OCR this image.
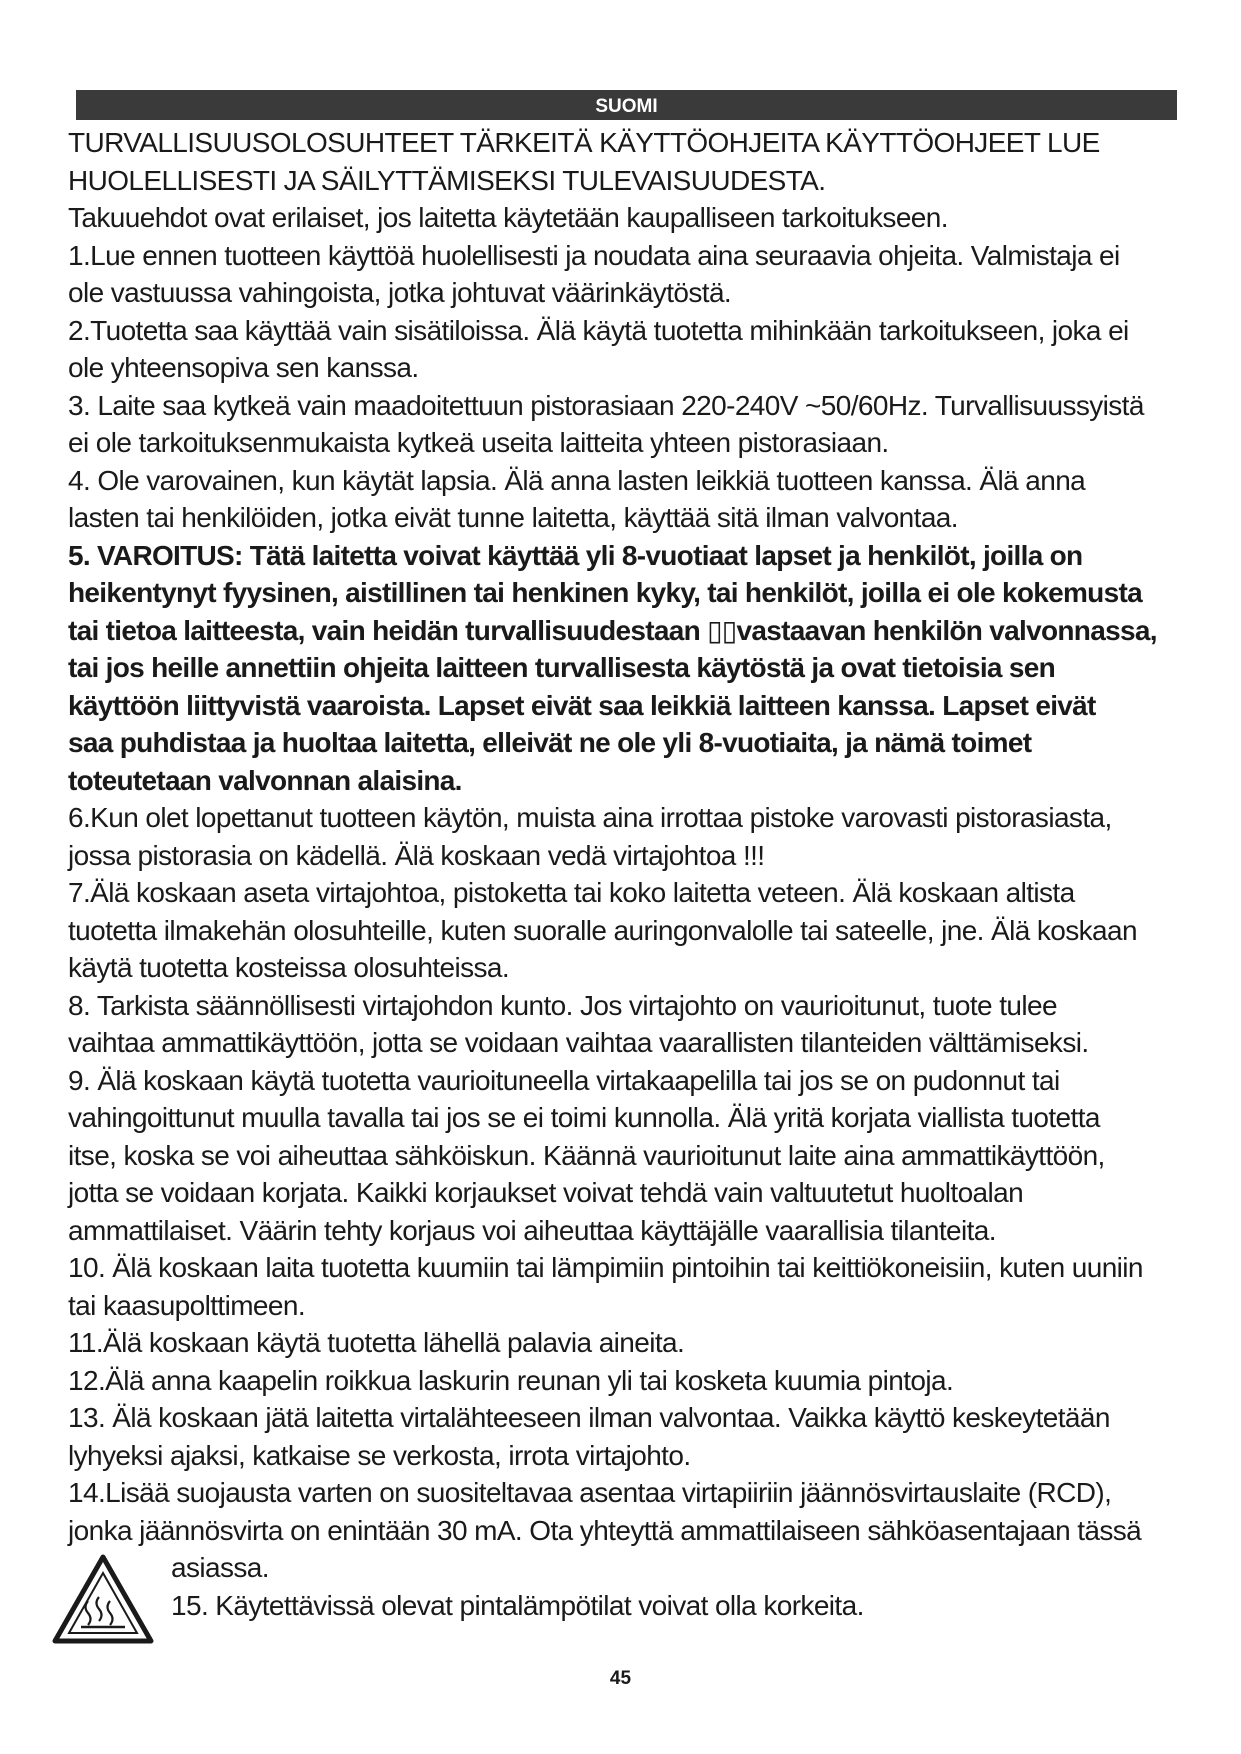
SUOMI

TURVALLISUUSOLOSUHTEET TÄRKEITÄ KÄYTTÖOHJEITA KÄYTTÖOHJEET LUE
HUOLELLISESTI JA SÄILYTTÄMISEKSI TULEVAISUUDESTA.

Takuuehdot ovat erilaiset, jos laitetta käytetään kaupalliseen tarkoitukseen.

1.Lue ennen tuotteen käyttöä huolellisesti ja noudata aina seuraavia ohjeita. Valmistaja ei
ole vastuussa vahingoista, jotka johtuvat väärinkäytöstä.

2.Tuotetta saa käyttää vain sisätiloissa. Älä käytä tuotetta mihinkään tarkoitukseen, joka ei
ole yhteensopiva sen kanssa.

3. Laite saa kytkeä vain maadoitettuun pistorasiaan 220-240V ~50/60Hz. Turvallisuussyistä
ei ole tarkoituksenmukaista kytkeä useita laitteita yhteen pistorasiaan.

4. Ole varovainen, kun käytät lapsia. Älä anna lasten leikkiä tuotteen kanssa. Älä anna
lasten tai henkilöiden, jotka eivät tunne laitetta, käyttää sitä ilman valvontaa.

5. VAROITUS: Tätä laitetta voivat käyttää yli 8-vuotiaat lapset ja henkilöt, joilla on
heikentynyt fyysinen, aistillinen tai henkinen kyky, tai henkilöt, joilla ei ole kokemusta
tai tietoa laitteesta, vain heidän turvallisuudestaan ▯▯vastaavan henkilön valvonnassa,
tai jos heille annettiin ohjeita laitteen turvallisesta käytöstä ja ovat tietoisia sen
käyttöön liittyvistä vaaroista. Lapset eivät saa leikkiä laitteen kanssa. Lapset eivät
saa puhdistaa ja huoltaa laitetta, elleivät ne ole yli 8-vuotiaita, ja nämä toimet
toteutetaan valvonnan alaisina.

6.Kun olet lopettanut tuotteen käytön, muista aina irrottaa pistoke varovasti pistorasiasta,
jossa pistorasia on kädellä. Älä koskaan vedä virtajohtoa !!!

7.Älä koskaan aseta virtajohtoa, pistoketta tai koko laitetta veteen. Älä koskaan altista
tuotetta ilmakehän olosuhteille, kuten suoralle auringonvalolle tai sateelle, jne. Älä koskaan
käytä tuotetta kosteissa olosuhteissa.

8. Tarkista säännöllisesti virtajohdon kunto. Jos virtajohto on vaurioitunut, tuote tulee
vaihtaa ammattikäyttöön, jotta se voidaan vaihtaa vaarallisten tilanteiden välttämiseksi.

9. Älä koskaan käytä tuotetta vaurioituneella virtakaapelilla tai jos se on pudonnut tai
vahingoittunut muulla tavalla tai jos se ei toimi kunnolla. Älä yritä korjata viallista tuotetta
itse, koska se voi aiheuttaa sähköiskun. Käännä vaurioitunut laite aina ammattikäyttöön,
jotta se voidaan korjata. Kaikki korjaukset voivat tehdä vain valtuutetut huoltoalan
ammattilaiset. Väärin tehty korjaus voi aiheuttaa käyttäjälle vaarallisia tilanteita.

10. Älä koskaan laita tuotetta kuumiin tai lämpimiin pintoihin tai keittiökoneisiin, kuten uuniin
tai kaasupolttimeen.

11.Älä koskaan käytä tuotetta lähellä palavia aineita.

12.Älä anna kaapelin roikkua laskurin reunan yli tai kosketa kuumia pintoja.

13. Älä koskaan jätä laitetta virtalähteeseen ilman valvontaa. Vaikka käyttö keskeytetään
lyhyeksi ajaksi, katkaise se verkosta, irrota virtajohto.

14.Lisää suojausta varten on suositeltavaa asentaa virtapiiriin jäännösvirtauslaite (RCD),
jonka jäännösvirta on enintään 30 mA. Ota yhteyttä ammattilaiseen sähköasentajaan tässä

asiassa.

15. Käytettävissä olevat pintalämpötilat voivat olla korkeita.

45
